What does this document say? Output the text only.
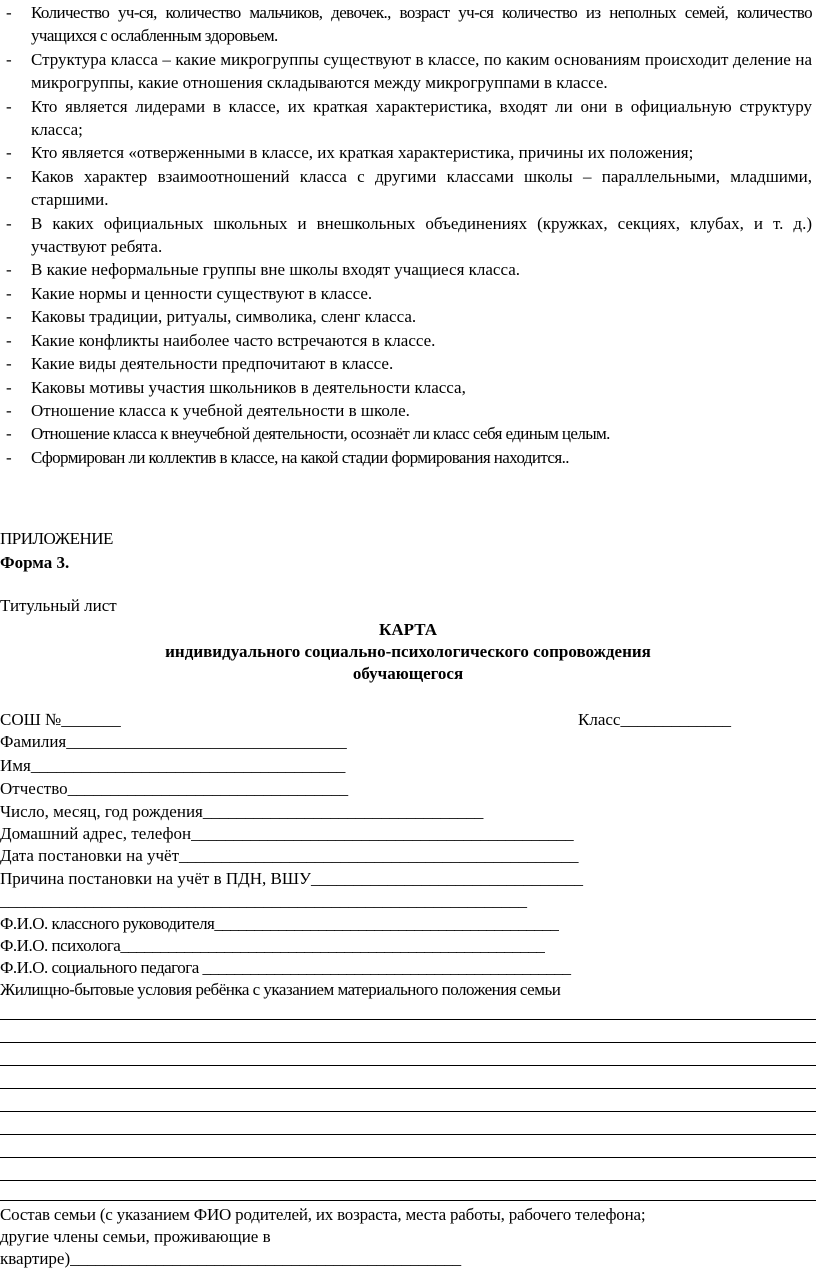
-	Количество уч-ся, количество мальчиков, девочек., возраст уч-ся количество из неполных семей, количество учащихся с ослабленным здоровьем.
-	Структура класса – какие микрогруппы существуют в классе, по каким основаниям происходит деление на микрогруппы, какие отношения складываются между микрогруппами в классе.
-	Кто является лидерами в классе, их краткая характеристика, входят ли они в официальную структуру класса;
-	Кто является «отверженными в классе, их краткая характеристика, причины их положения;
-	Каков характер взаимоотношений класса с другими классами школы – параллельными, младшими, старшими.
-	В каких официальных школьных и внешкольных объединениях (кружках, секциях, клубах, и т. д.) участвуют ребята.
-	В какие неформальные группы вне школы входят учащиеся класса.
-	Какие нормы и ценности существуют в классе.
-	Каковы традиции, ритуалы, символика, сленг класса.
-	Какие конфликты наиболее часто встречаются в классе.
-	Какие виды деятельности предпочитают в классе.
-	Каковы мотивы участия школьников в деятельности класса,
-	Отношение класса к учебной деятельности в школе.
-	Отношение класса к внеучебной деятельности, осознаёт ли класс себя единым целым.
-	Сформирован ли коллектив в классе, на какой стадии формирования находится..
ПРИЛОЖЕНИЕ
Форма 3.
Титульный лист
КАРТА
индивидуального социально-психологического сопровождения
обучающегося
СОШ №_______	Класс_____________
Фамилия_________________________________
Имя_____________________________________
Отчество_________________________________
Число, месяц, год рождения_________________________________
Домашний адрес, телефон_____________________________________________
Дата постановки на учёт_______________________________________________
Причина постановки на учёт в ПДН, ВШУ________________________________
______________________________________________________________
Ф.И.О. классного руководителя___________________________________________
Ф.И.О. психолога_____________________________________________________
Ф.И.О. социального педагога ______________________________________________
Жилищно-бытовые условия ребёнка с указанием материального положения семьи
Состав семьи (с указанием ФИО родителей, их возраста, места работы, рабочего телефона;
другие члены семьи, проживающие в
квартире)______________________________________________
